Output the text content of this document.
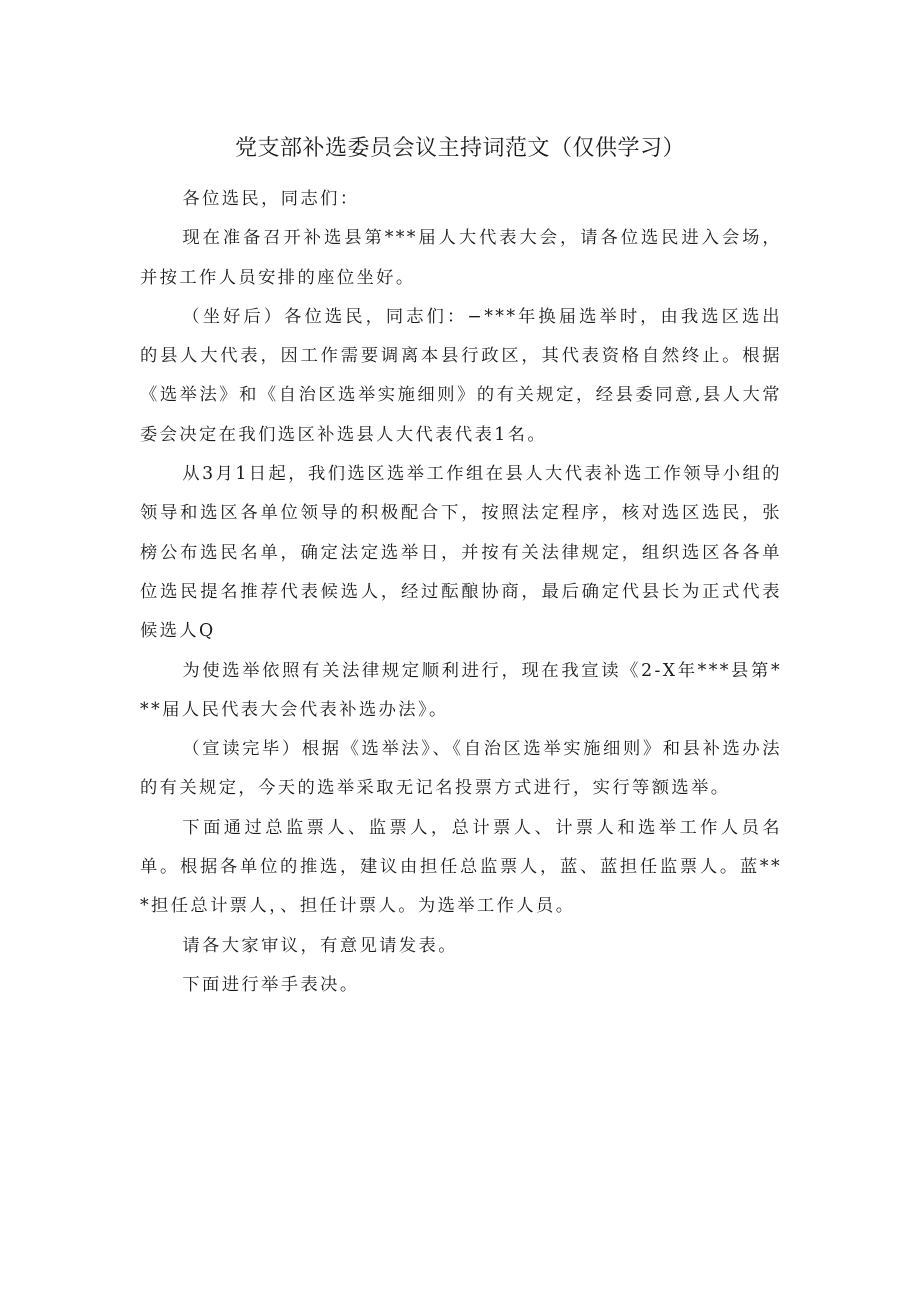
党支部补选委员会议主持词范文（仅供学习）

各位选民，同志们：

现在准备召开补选县第***届人大代表大会，请各位选民进入会场，并按工作人员安排的座位坐好。

（坐好后）各位选民，同志们：−***年换届选举时，由我选区选出的县人大代表，因工作需要调离本县行政区，其代表资格自然终止。根据《选举法》和《自治区选举实施细则》的有关规定，经县委同意,县人大常委会决定在我们选区补选县人大代表代表1名。

从3月1日起，我们选区选举工作组在县人大代表补选工作领导小组的领导和选区各单位领导的积极配合下，按照法定程序，核对选区选民，张榜公布选民名单，确定法定选举日，并按有关法律规定，组织选区各各单位选民提名推荐代表候选人，经过酝酿协商，最后确定代县长为正式代表候选人Q

为使选举依照有关法律规定顺利进行，现在我宣读《2-X年***县第***届人民代表大会代表补选办法》。

（宣读完毕）根据《选举法》、《自治区选举实施细则》和县补选办法的有关规定，今天的选举采取无记名投票方式进行，实行等额选举。

下面通过总监票人、监票人，总计票人、计票人和选举工作人员名单。根据各单位的推选，建议由担任总监票人，蓝、蓝担任监票人。蓝***担任总计票人，、担任计票人。为选举工作人员。

请各大家审议，有意见请发表。

下面进行举手表决。
